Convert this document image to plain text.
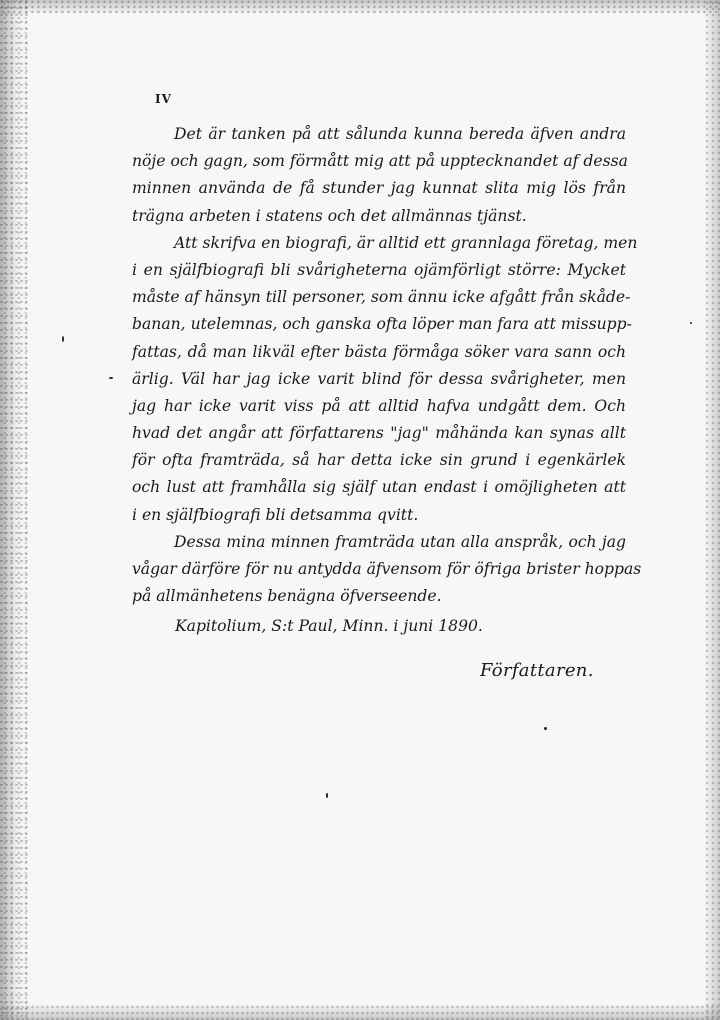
IV
Det är tanken på att sålunda kunna bereda äfven andra
nöje och gagn, som förmått mig att på upptecknandet af dessa
minnen använda de få stunder jag kunnat slita mig lös från
trägna arbeten i statens och det allmännas tjänst.
Att skrifva en biografi, är alltid ett grannlaga företag, men
i en själfbiografi bli svårigheterna ojämförligt större: Mycket
måste af hänsyn till personer, som ännu icke afgått från skåde-
banan, utelemnas, och ganska ofta löper man fara att missupp-
fattas, då man likväl efter bästa förmåga söker vara sann och
ärlig. Väl har jag icke varit blind för dessa svårigheter, men
jag har icke varit viss på att alltid hafva undgått dem. Och
hvad det angår att författarens "jag" måhända kan synas allt
för ofta framträda, så har detta icke sin grund i egenkärlek
och lust att framhålla sig själf utan endast i omöjligheten att
i en själfbiografi bli detsamma qvitt.
Dessa mina minnen framträda utan alla anspråk, och jag
vågar därföre för nu antydda äfvensom för öfriga brister hoppas
på allmänhetens benägna öfverseende.
Kapitolium, S:t Paul, Minn. i juni 1890.
Författaren.
